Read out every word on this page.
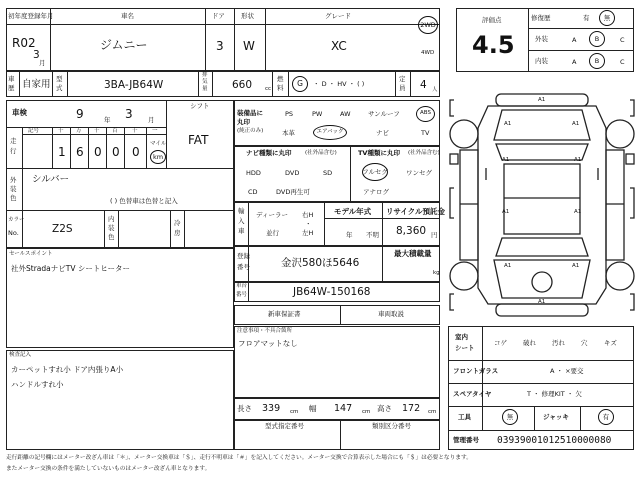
初年度登録年月
R02
3
月
車名
ジムニー
ドア
3
形状
W
グレード
XC
2WD
4WD
車
歴 自家用 型
式	3BA-JB64W
排
気
量 660 cc
燃
料	G	・ D ・ HV ・ ( )
定
員 4 人
車検	9	年 3 月
シフト
FAT
走
行
記号	十 万 千 百	十	一
1 6 0 0 0
マイル
km
外
装
色
シルバー
( ) 色替車は色替と記入
カラー
No.	Z2S
内
装
色
冷
房
セールスポイント
社外StradaナビTV シートヒーター
検査記入
カーペットすれ小 ドア内張りA小
ハンドルすれ小
装備品に
丸印
(純正のみ)
PS	PW	AW	サンルーフ	ABS
本革	エアバック	ナビ	TV
ナビ種類に丸印 (社外品含む)
HDD	DVD	SD
CD	DVD再生可
TV種類に丸印 (社外品含む)
フルセグ	ワンセグ
アナログ
輸
入
車
ディーラー
並行
右H
・
左H
モデル年式
年 不明
リサイクル預託金
8,360 円
登録
番号	金沢580ほ5646
最大積載量
kg
車台
番号	JB64W-150168
新車保証書	車両取説
注意事項・不具合箇所
フロアマットなし
長さ 339 cm 幅 147 cm 高さ 172 cm
型式指定番号	類別区分番号
評価点
4.5
修復歴	有	無
外装	A	B	C
内装	A	B	C
A1
A1	A1
A1	A1
A1	A1
A1	A1
A1
室内
シート
コゲ 破れ 汚れ 穴	キズ
フロントガラス	A ・ ×要交
スペアタイヤ	T ・ 修理KIT ・ 欠
工具	無	ジャッキ	有
管理番号 03939001012510000080
走行距離の記号欄にはメーター改ざん車は「＊」、メーター交換車は「＄」、走行不明車は「＃」を記入してください。メーター交換で合算表示した場合にも「＄」は必要となります。
またメーター交換の条件を満たしていないものはメーター改ざん車となります。
